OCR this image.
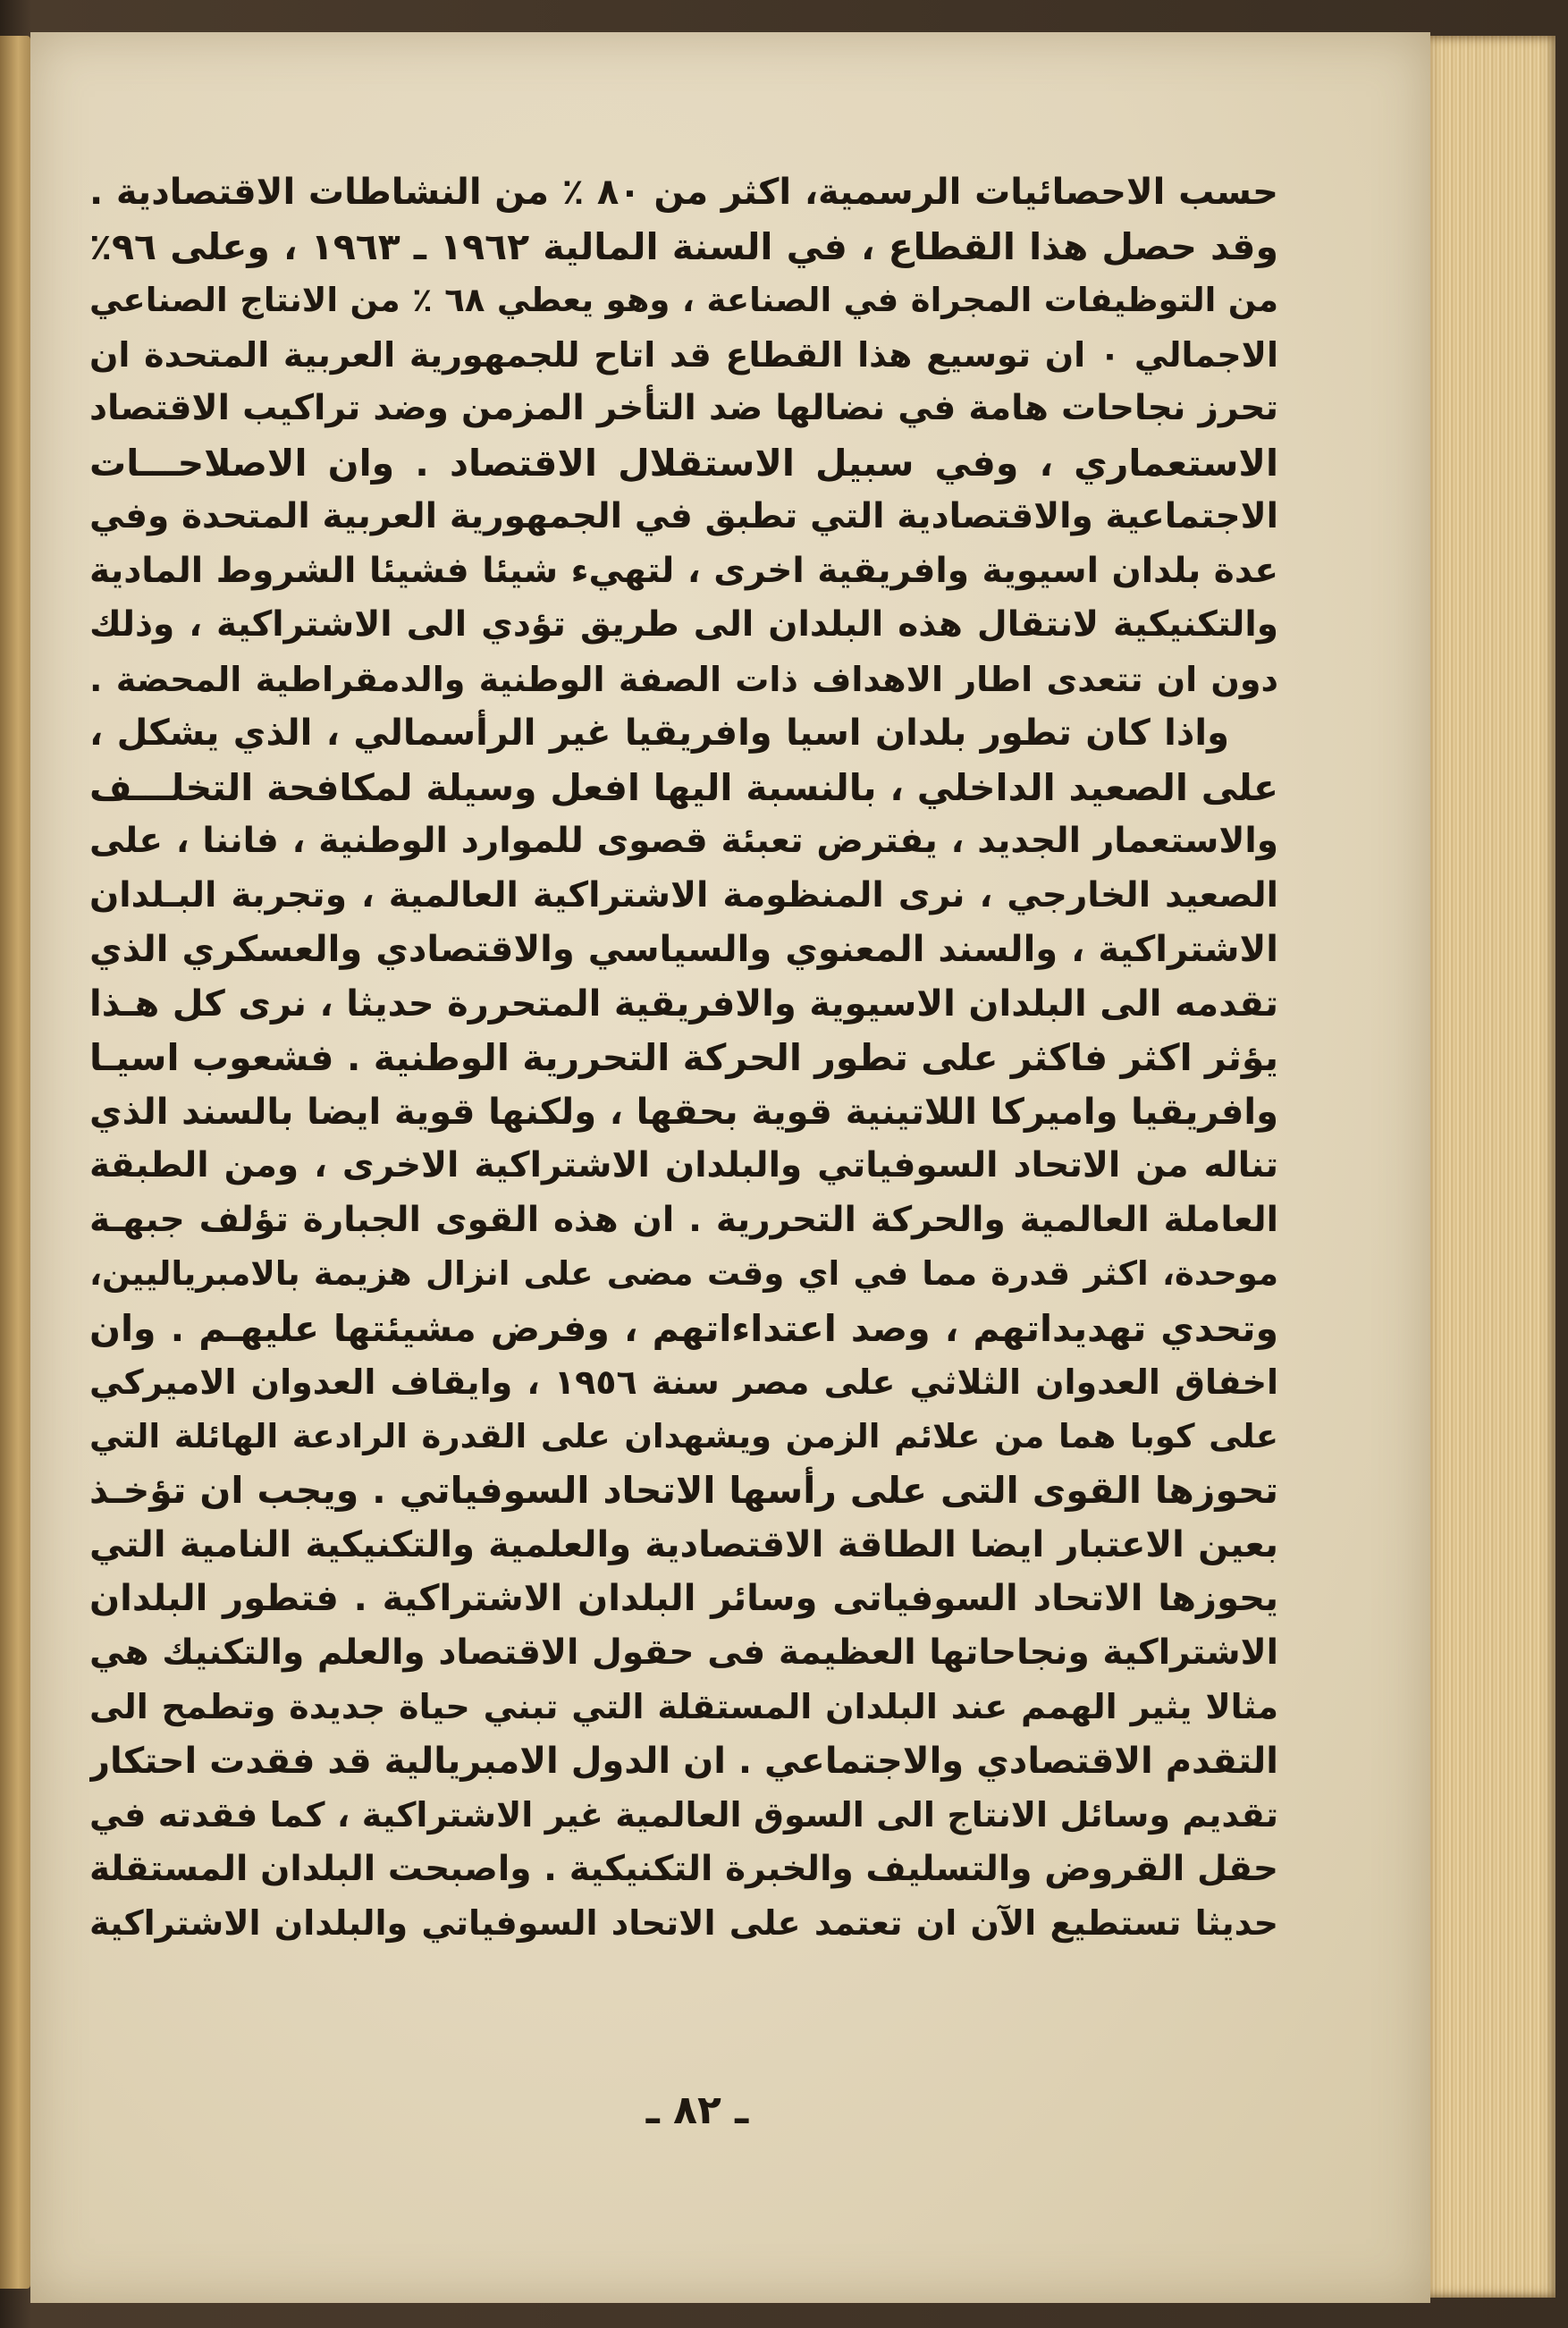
حسب الاحصائيات الرسمية، اكثر من ٨٠ ٪ من النشاطات الاقتصادية .
وقد حصل هذا القطاع ، في السنة المالية ١٩٦٢ ـ ١٩٦٣ ، وعلى ٩٦٪
من التوظيفات المجراة في الصناعة ، وهو يعطي ٦٨ ٪ من الانتاج الصناعي
الاجمالي ٠ ان توسيع هذا القطاع قد اتاح للجمهورية العربية المتحدة ان
تحرز نجاحات هامة في نضالها ضد التأخر المزمن وضد تراكيب الاقتصاد
الاستعماري ، وفي سبيل الاستقلال الاقتصاد . وان الاصلاحـــات
الاجتماعية والاقتصادية التي تطبق في الجمهورية العربية المتحدة وفي
عدة بلدان اسيوية وافريقية اخرى ، لتهيء شيئا فشيئا الشروط المادية
والتكنيكية لانتقال هذه البلدان الى طريق تؤدي الى الاشتراكية ، وذلك
دون ان تتعدى اطار الاهداف ذات الصفة الوطنية والدمقراطية المحضة .
واذا كان تطور بلدان اسيا وافريقيا غير الرأسمالي ، الذي يشكل ،
على الصعيد الداخلي ، بالنسبة اليها افعل وسيلة لمكافحة التخلـــف
والاستعمار الجديد ، يفترض تعبئة قصوى للموارد الوطنية ، فاننا ، على
الصعيد الخارجي ، نرى المنظومة الاشتراكية العالمية ، وتجربة البـلدان
الاشتراكية ، والسند المعنوي والسياسي والاقتصادي والعسكري الذي
تقدمه الى البلدان الاسيوية والافريقية المتحررة حديثا ، نرى كل هـذا
يؤثر اكثر فاكثر على تطور الحركة التحررية الوطنية . فشعوب اسيـا
وافريقيا واميركا اللاتينية قوية بحقها ، ولكنها قوية ايضا بالسند الذي
تناله من الاتحاد السوفياتي والبلدان الاشتراكية الاخرى ، ومن الطبقة
العاملة العالمية والحركة التحررية . ان هذه القوى الجبارة تؤلف جبهـة
موحدة، اكثر قدرة مما في اي وقت مضى على انزال هزيمة بالامبرياليين،
وتحدي تهديداتهم ، وصد اعتداءاتهم ، وفرض مشيئتها عليهـم . وان
اخفاق العدوان الثلاثي على مصر سنة ١٩٥٦ ، وايقاف العدوان الاميركي
على كوبا هما من علائم الزمن ويشهدان على القدرة الرادعة الهائلة التي
تحوزها القوى التى على رأسها الاتحاد السوفياتي . ويجب ان تؤخـذ
بعين الاعتبار ايضا الطاقة الاقتصادية والعلمية والتكنيكية النامية التي
يحوزها الاتحاد السوفياتى وسائر البلدان الاشتراكية . فتطور البلدان
الاشتراكية ونجاحاتها العظيمة فى حقول الاقتصاد والعلم والتكنيك هي
مثالا يثير الهمم عند البلدان المستقلة التي تبني حياة جديدة وتطمح الى
التقدم الاقتصادي والاجتماعي . ان الدول الامبريالية قد فقدت احتكار
تقديم وسائل الانتاج الى السوق العالمية غير الاشتراكية ، كما فقدته في
حقل القروض والتسليف والخبرة التكنيكية . واصبحت البلدان المستقلة
حديثا تستطيع الآن ان تعتمد على الاتحاد السوفياتي والبلدان الاشتراكية
ـ ٨٢ ـ
